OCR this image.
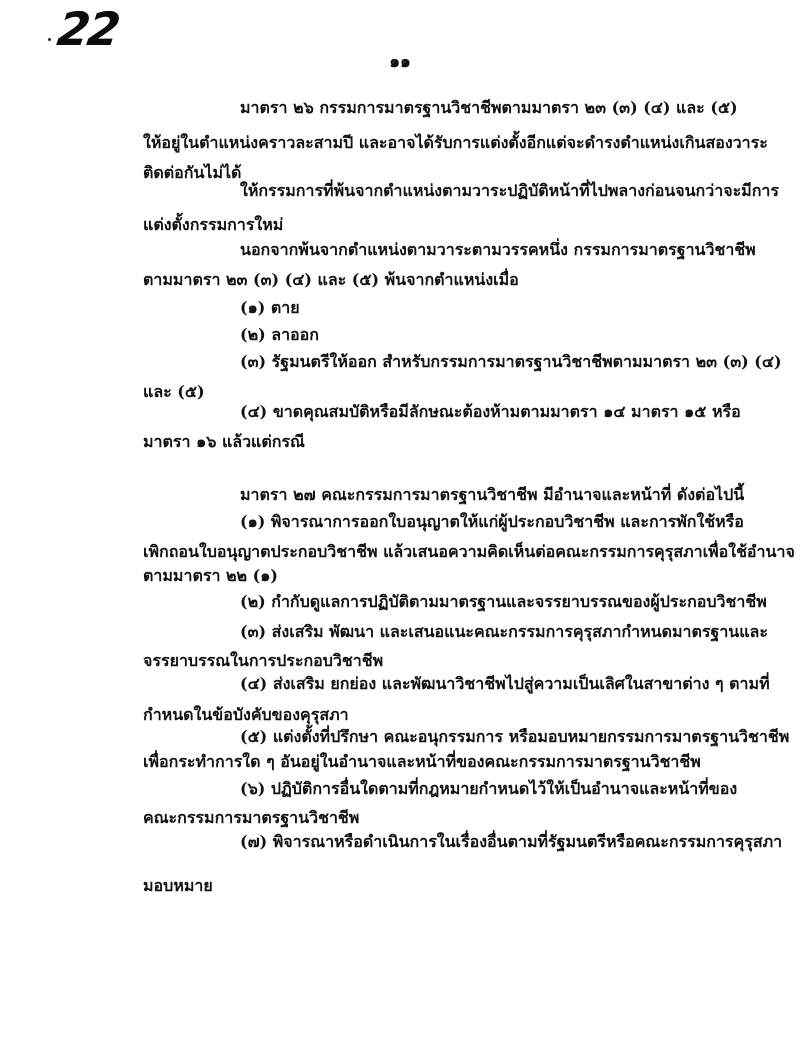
22
๑๑
มาตรา ๒๖ กรรมการมาตรฐานวิชาชีพตามมาตรา ๒๓ (๓) (๔) และ (๕)
ให้อยู่ในตำแหน่งคราวละสามปี และอาจได้รับการแต่งตั้งอีกแต่จะดำรงตำแหน่งเกินสองวาระ
ติดต่อกันไม่ได้
ให้กรรมการที่พ้นจากตำแหน่งตามวาระปฏิบัติหน้าที่ไปพลางก่อนจนกว่าจะมีการ
แต่งตั้งกรรมการใหม่
นอกจากพ้นจากตำแหน่งตามวาระตามวรรคหนึ่ง กรรมการมาตรฐานวิชาชีพ
ตามมาตรา ๒๓ (๓) (๔) และ (๕) พ้นจากตำแหน่งเมื่อ
(๑) ตาย
(๒) ลาออก
(๓) รัฐมนตรีให้ออก สำหรับกรรมการมาตรฐานวิชาชีพตามมาตรา ๒๓ (๓) (๔)
และ (๕)
(๔) ขาดคุณสมบัติหรือมีลักษณะต้องห้ามตามมาตรา ๑๔ มาตรา ๑๕ หรือ
มาตรา ๑๖ แล้วแต่กรณี
มาตรา ๒๗ คณะกรรมการมาตรฐานวิชาชีพ มีอำนาจและหน้าที่ ดังต่อไปนี้
(๑) พิจารณาการออกใบอนุญาตให้แก่ผู้ประกอบวิชาชีพ และการพักใช้หรือ
เพิกถอนใบอนุญาตประกอบวิชาชีพ แล้วเสนอความคิดเห็นต่อคณะกรรมการคุรุสภาเพื่อใช้อำนาจ
ตามมาตรา ๒๒ (๑)
(๒) กำกับดูแลการปฏิบัติตามมาตรฐานและจรรยาบรรณของผู้ประกอบวิชาชีพ
(๓) ส่งเสริม พัฒนา และเสนอแนะคณะกรรมการคุรุสภากำหนดมาตรฐานและ
จรรยาบรรณในการประกอบวิชาชีพ
(๔) ส่งเสริม ยกย่อง และพัฒนาวิชาชีพไปสู่ความเป็นเลิศในสาขาต่าง ๆ ตามที่
กำหนดในข้อบังคับของคุรุสภา
(๕) แต่งตั้งที่ปรึกษา คณะอนุกรรมการ หรือมอบหมายกรรมการมาตรฐานวิชาชีพ
เพื่อกระทำการใด ๆ อันอยู่ในอำนาจและหน้าที่ของคณะกรรมการมาตรฐานวิชาชีพ
(๖) ปฏิบัติการอื่นใดตามที่กฎหมายกำหนดไว้ให้เป็นอำนาจและหน้าที่ของ
คณะกรรมการมาตรฐานวิชาชีพ
(๗) พิจารณาหรือดำเนินการในเรื่องอื่นตามที่รัฐมนตรีหรือคณะกรรมการคุรุสภา
มอบหมาย
